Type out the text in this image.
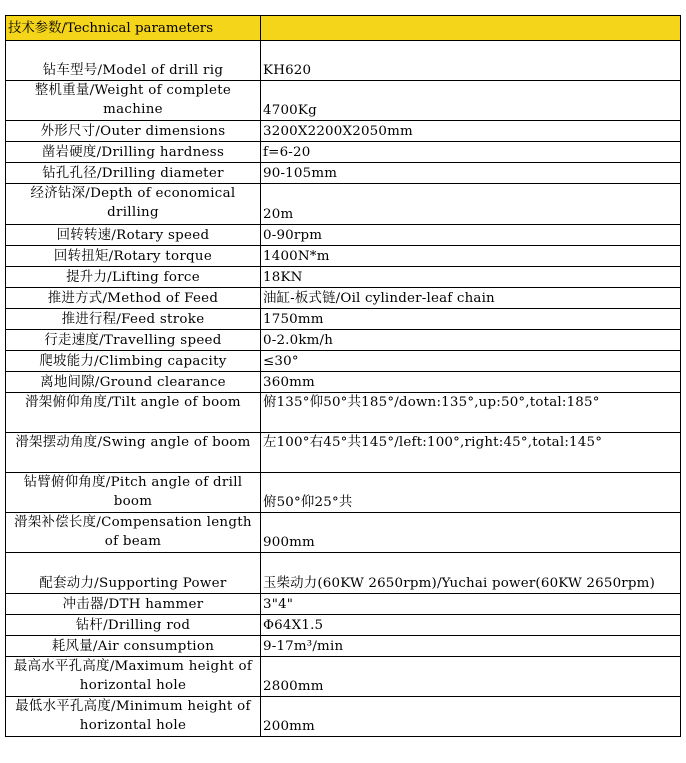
技术参数/Technical parameters	
钻车型号/Model of drill rig	KH620
整机重量/Weight of complete machine	4700Kg
外形尺寸/Outer dimensions	3200X2200X2050mm
凿岩硬度/Drilling hardness	f=6-20
钻孔孔径/Drilling diameter	90-105mm
经济钻深/Depth of economical drilling	20m
回转转速/Rotary speed	0-90rpm
回转扭矩/Rotary torque	1400N*m
提升力/Lifting force	18KN
推进方式/Method of Feed	油缸-板式链/Oil cylinder-leaf chain
推进行程/Feed stroke	1750mm
行走速度/Travelling speed	0-2.0km/h
爬坡能力/Climbing capacity	≤30°
离地间隙/Ground clearance	360mm
滑架俯仰角度/Tilt angle of boom	俯135°仰50°共185°/down:135°,up:50°,total:185°
滑架摆动角度/Swing angle of boom	左100°右45°共145°/left:100°,right:45°,total:145°
钻臂俯仰角度/Pitch angle of drill boom	俯50°仰25°共
滑架补偿长度/Compensation length of beam	900mm
配套动力/Supporting Power	玉柴动力(60KW 2650rpm)/Yuchai power(60KW 2650rpm)
冲击器/DTH hammer	3"4"
钻杆/Drilling rod	Φ64X1.5
耗风量/Air consumption	9-17m³/min
最高水平孔高度/Maximum height of horizontal hole	2800mm
最低水平孔高度/Minimum height of horizontal hole	200mm
